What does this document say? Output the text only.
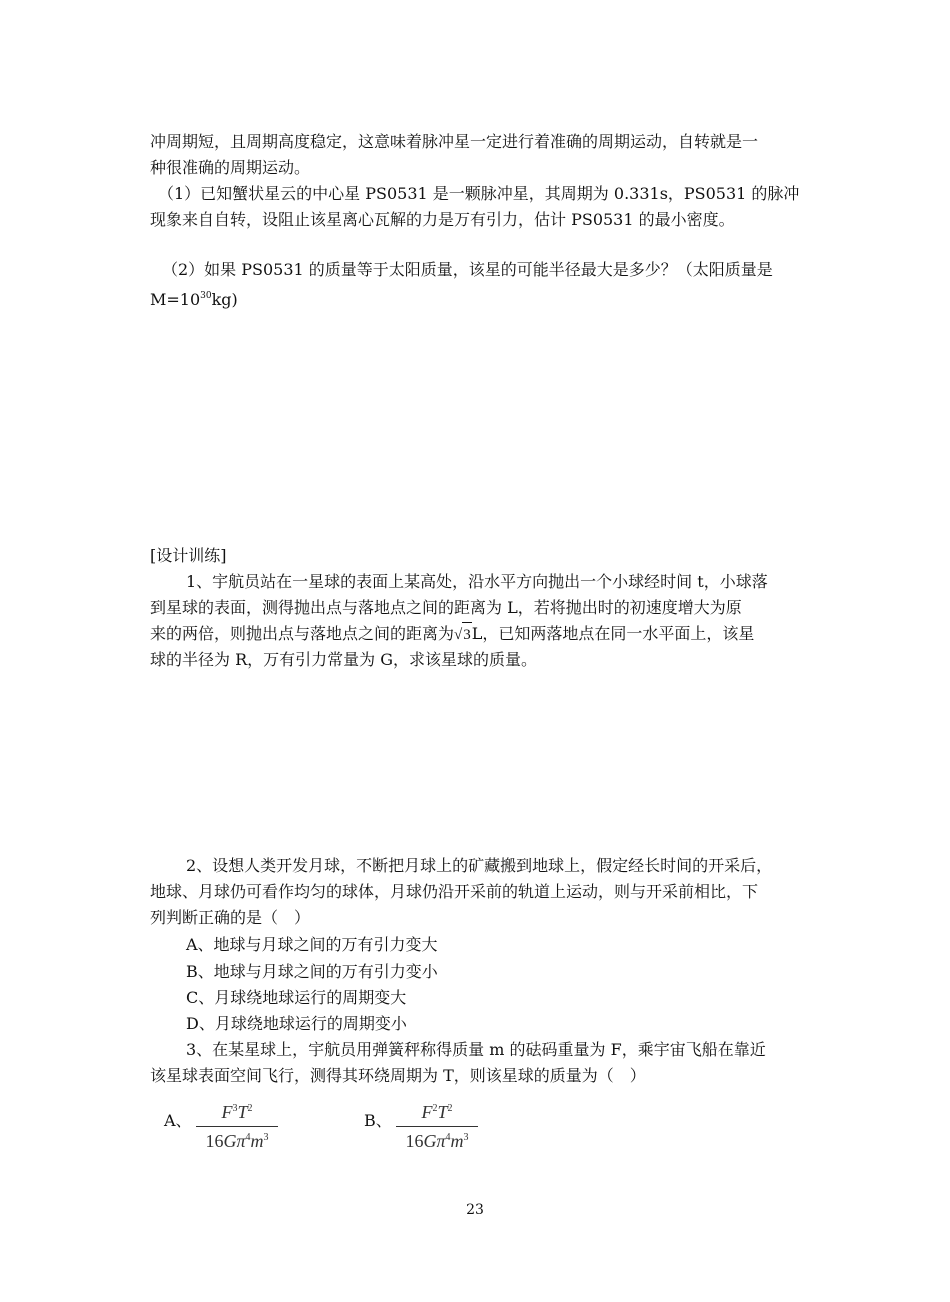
冲周期短，且周期高度稳定，这意味着脉冲星一定进行着准确的周期运动，自转就是一
种很准确的周期运动。
（1）已知蟹状星云的中心星 PS0531 是一颗脉冲星，其周期为 0.331s，PS0531 的脉冲
现象来自自转，设阻止该星离心瓦解的力是万有引力，估计 PS0531 的最小密度。
（2）如果 PS0531 的质量等于太阳质量，该星的可能半径最大是多少？（太阳质量是
$M=10^{30}kg$)
[设计训练]
1、宇航员站在一星球的表面上某高处，沿水平方向抛出一个小球经时间 t，小球落
到星球的表面，测得抛出点与落地点之间的距离为 L，若将抛出时的初速度增大为原
来的两倍，则抛出点与落地点之间的距离为√3L，已知两落地点在同一水平面上，该星
球的半径为 R，万有引力常量为 G，求该星球的质量。
2、设想人类开发月球，不断把月球上的矿藏搬到地球上，假定经长时间的开采后，
地球、月球仍可看作均匀的球体，月球仍沿开采前的轨道上运动，则与开采前相比，下
列判断正确的是（　）
A、地球与月球之间的万有引力变大
B、地球与月球之间的万有引力变小
C、月球绕地球运行的周期变大
D、月球绕地球运行的周期变小
3、在某星球上，宇航员用弹簧秤称得质量 m 的砝码重量为 F，乘宇宙飞船在靠近
该星球表面空间飞行，测得其环绕周期为 T，则该星球的质量为（　）
A、	$F^3T^2$
$16G\pi^4m^3$
B、	$F^2T^2$
$16G\pi^4m^3$
23
